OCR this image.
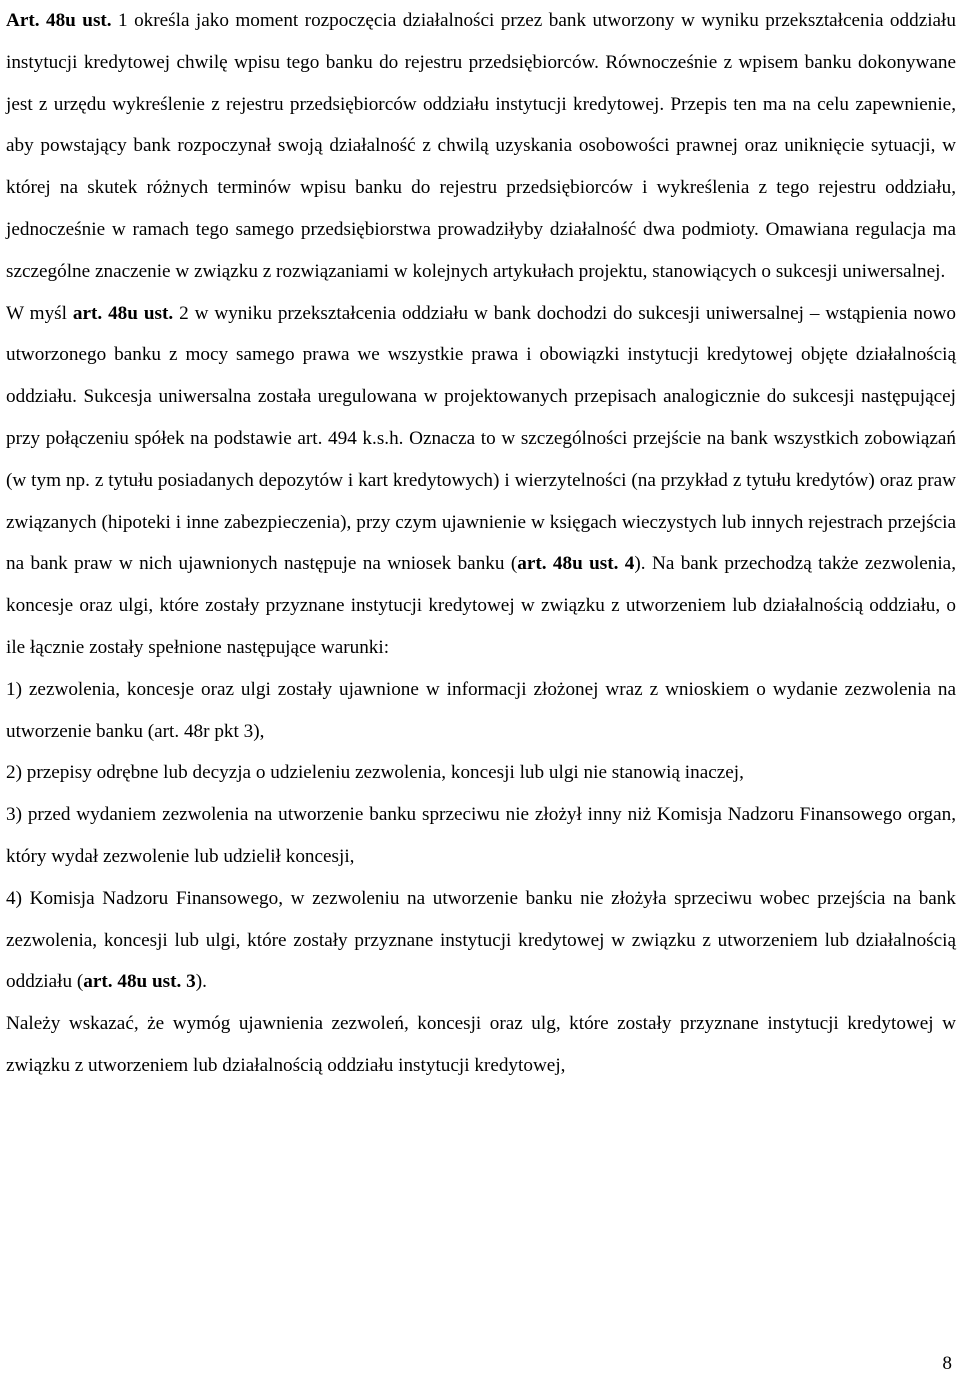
Art. 48u ust. 1 określa jako moment rozpoczęcia działalności przez bank utworzony w wyniku przekształcenia oddziału instytucji kredytowej chwilę wpisu tego banku do rejestru przedsiębiorców. Równocześnie z wpisem banku dokonywane jest z urzędu wykreślenie z rejestru przedsiębiorców oddziału instytucji kredytowej. Przepis ten ma na celu zapewnienie, aby powstający bank rozpoczynał swoją działalność z chwilą uzyskania osobowości prawnej oraz uniknięcie sytuacji, w której na skutek różnych terminów wpisu banku do rejestru przedsiębiorców i wykreślenia z tego rejestru oddziału, jednocześnie w ramach tego samego przedsiębiorstwa prowadziłyby działalność dwa podmioty. Omawiana regulacja ma szczególne znaczenie w związku z rozwiązaniami w kolejnych artykułach projektu, stanowiących o sukcesji uniwersalnej.

W myśl art. 48u ust. 2 w wyniku przekształcenia oddziału w bank dochodzi do sukcesji uniwersalnej – wstąpienia nowo utworzonego banku z mocy samego prawa we wszystkie prawa i obowiązki instytucji kredytowej objęte działalnością oddziału. Sukcesja uniwersalna została uregulowana w projektowanych przepisach analogicznie do sukcesji następującej przy połączeniu spółek na podstawie art. 494 k.s.h. Oznacza to w szczególności przejście na bank wszystkich zobowiązań (w tym np. z tytułu posiadanych depozytów i kart kredytowych) i wierzytelności (na przykład z tytułu kredytów) oraz praw związanych (hipoteki i inne zabezpieczenia), przy czym ujawnienie w księgach wieczystych lub innych rejestrach przejścia na bank praw w nich ujawnionych następuje na wniosek banku (art. 48u ust. 4). Na bank przechodzą także zezwolenia, koncesje oraz ulgi, które zostały przyznane instytucji kredytowej w związku z utworzeniem lub działalnością oddziału, o ile łącznie zostały spełnione następujące warunki:

1) zezwolenia, koncesje oraz ulgi zostały ujawnione w informacji złożonej wraz z wnioskiem o wydanie zezwolenia na utworzenie banku (art. 48r pkt 3),

2) przepisy odrębne lub decyzja o udzieleniu zezwolenia, koncesji lub ulgi nie stanowią inaczej,

3) przed wydaniem zezwolenia na utworzenie banku sprzeciwu nie złożył inny niż Komisja Nadzoru Finansowego organ, który wydał zezwolenie lub udzielił koncesji,

4) Komisja Nadzoru Finansowego, w zezwoleniu na utworzenie banku nie złożyła sprzeciwu wobec przejścia na bank zezwolenia, koncesji lub ulgi, które zostały przyznane instytucji kredytowej w związku z utworzeniem lub działalnością oddziału (art. 48u ust. 3).

Należy wskazać, że wymóg ujawnienia zezwoleń, koncesji oraz ulg, które zostały przyznane instytucji kredytowej w związku z utworzeniem lub działalnością oddziału instytucji kredytowej,

8
